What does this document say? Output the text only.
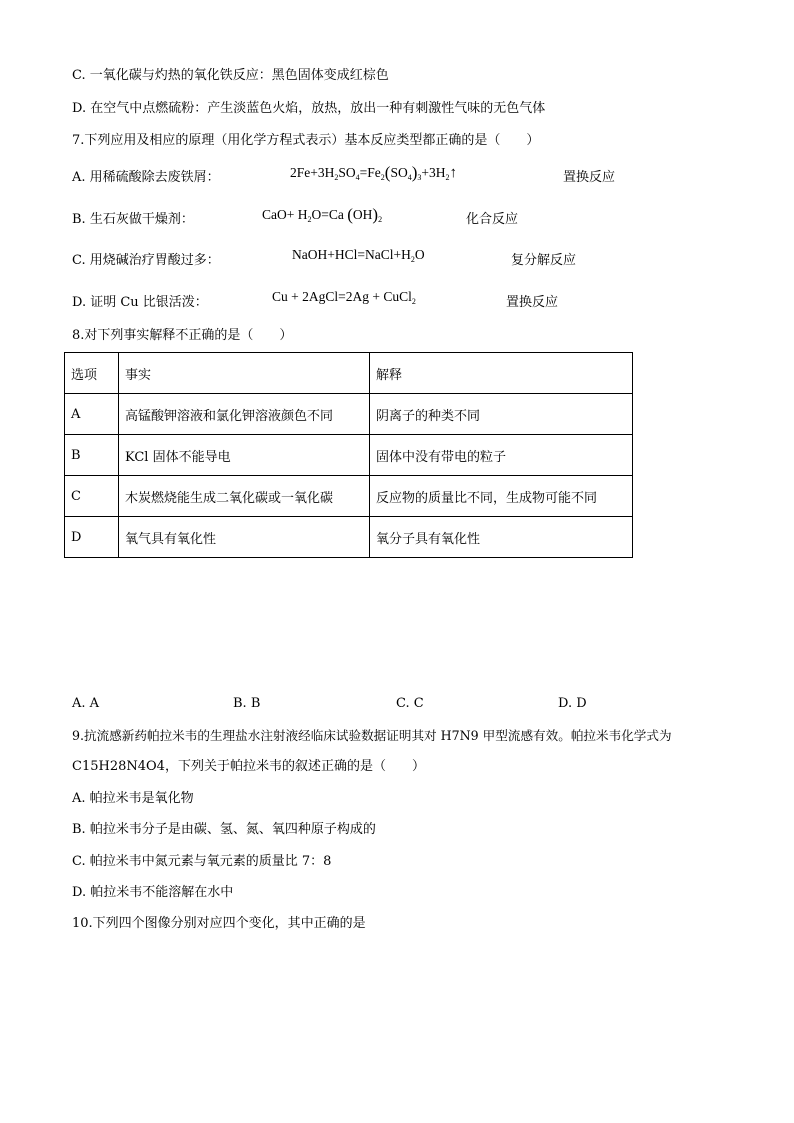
C. 一氧化碳与灼热的氧化铁反应：黑色固体变成红棕色
D. 在空气中点燃硫粉：产生淡蓝色火焰，放热，放出一种有刺激性气味的无色气体
7.下列应用及相应的原理（用化学方程式表示）基本反应类型都正确的是（　　）
A. 用稀硫酸除去废铁屑：	$2Fe+3H_2SO_4=Fe_2(SO_4)_3+3H_2↑$	置换反应
B. 生石灰做干燥剂：	$CaO+ H_2O=Ca$ $(OH)_2$	化合反应
C. 用烧碱治疗胃酸过多：	$NaOH+HCl=NaCl+H_2O$	复分解反应
D. 证明 Cu 比银活泼：	Cu + 2AgCl=2Ag + CuCl$_2$	置换反应
8.对下列事实解释不正确的是（　　）
选项	事实	解释
A	高锰酸钾溶液和氯化钾溶液颜色不同	阴离子的种类不同
B	KCl 固体不能导电	固体中没有带电的粒子
C	木炭燃烧能生成二氧化碳或一氧化碳	反应物的质量比不同，生成物可能不同
D	氧气具有氧化性	氧分子具有氧化性
A. A	B. B	C. C	D. D
9.抗流感新药帕拉米韦的生理盐水注射液经临床试验数据证明其对 H7N9 甲型流感有效。帕拉米韦化学式为
C15H28N4O4，下列关于帕拉米韦的叙述正确的是（　　）
A. 帕拉米韦是氧化物
B. 帕拉米韦分子是由碳、氢、氮、氧四种原子构成的
C. 帕拉米韦中氮元素与氧元素的质量比 7：8
D. 帕拉米韦不能溶解在水中
10.下列四个图像分别对应四个变化，其中正确的是
